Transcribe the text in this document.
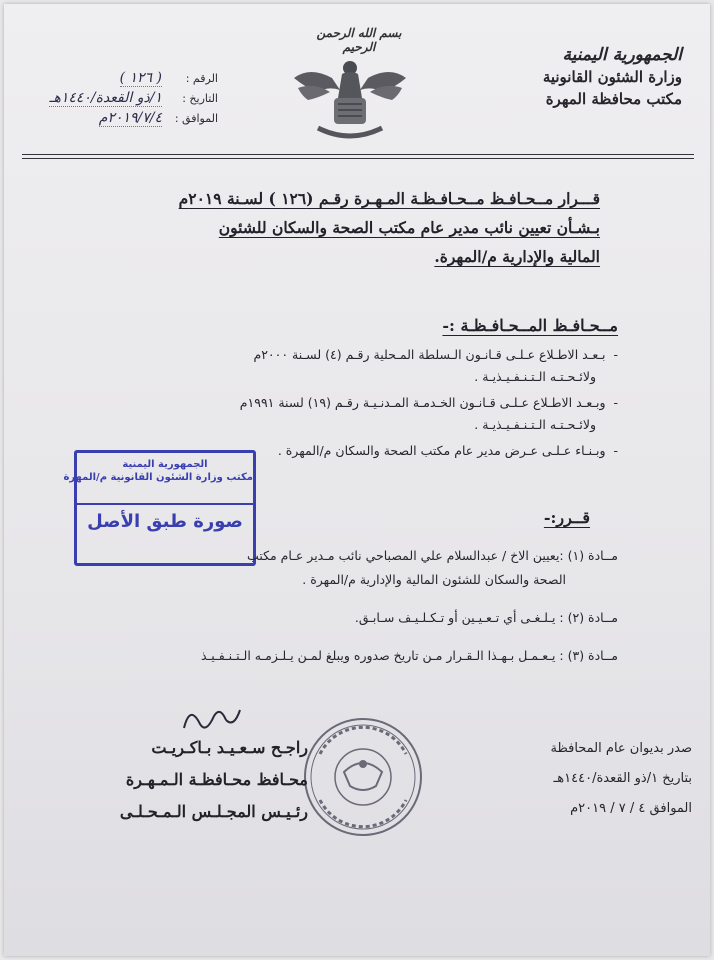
الجمهورية اليمنية
وزارة الشئون القانونية
مكتب محافظة المهرة
بسم الله الرحمن الرحيم
الرقم :
( ١٢٦ )
التاريخ :
١/ذو القعدة/١٤٤٠هـ
الموافق :
٢٠١٩/٧/٤م
قـــرار مــحـافـظ مــحـافـظـة المـهـرة رقـم (١٢٦ ) لسـنة ٢٠١٩م
بـشـأن تعيين نائب مدير عام مكتب الصحة والسكان للشئون
المالية والإدارية م/المهرة.
مــحـافـظ المــحـافـظـة :-
-  بـعـد الاطـلاع عـلـى قـانـون الـسلطة المـحلية رقـم (٤) لسـنة ٢٠٠٠م
ولائـحـتـه الـتـنـفـيـذيـة .
-  وبـعـد الاطـلاع عـلـى قـانـون الخـدمـة المـدنـيـة رقـم (١٩) لسنة ١٩٩١م
ولائـحـتـه الـتـنـفـيـذيـة .
-  وبـنـاء عـلـى عـرض مدير عام مكتب الصحة والسكان م/المهرة .
الجمهورية اليمنية
مكتب وزارة الشئون القانونية م/المهرة
صورة طبق الأصل	قــرر:-
مــادة (١) :يعيين الاخ / عبدالسلام علي المصباحي نائب مـدير عـام مكتب
الصحة والسكان للشئون المالية والإدارية م/المهرة .
مــادة (٢) : يـلـغـى أي تـعـيـين أو تـكـلـيـف سـابـق.
مــادة (٣) : يـعـمـل بـهـذا الـقـرار مـن تاريخ صدوره ويبلغ لمـن يـلـزمـه الـتـنـفـيـذ
صدر بديوان عام المحافظة
بتاريخ ١/ذو القعدة/١٤٤٠هـ
الموافق ٤ / ٧ / ٢٠١٩م
راجـح سـعـيـد بـاكـريـت
محـافظ محـافظـة الـمـهـرة
رئـيـس المجـلـس الـمـحـلـى
